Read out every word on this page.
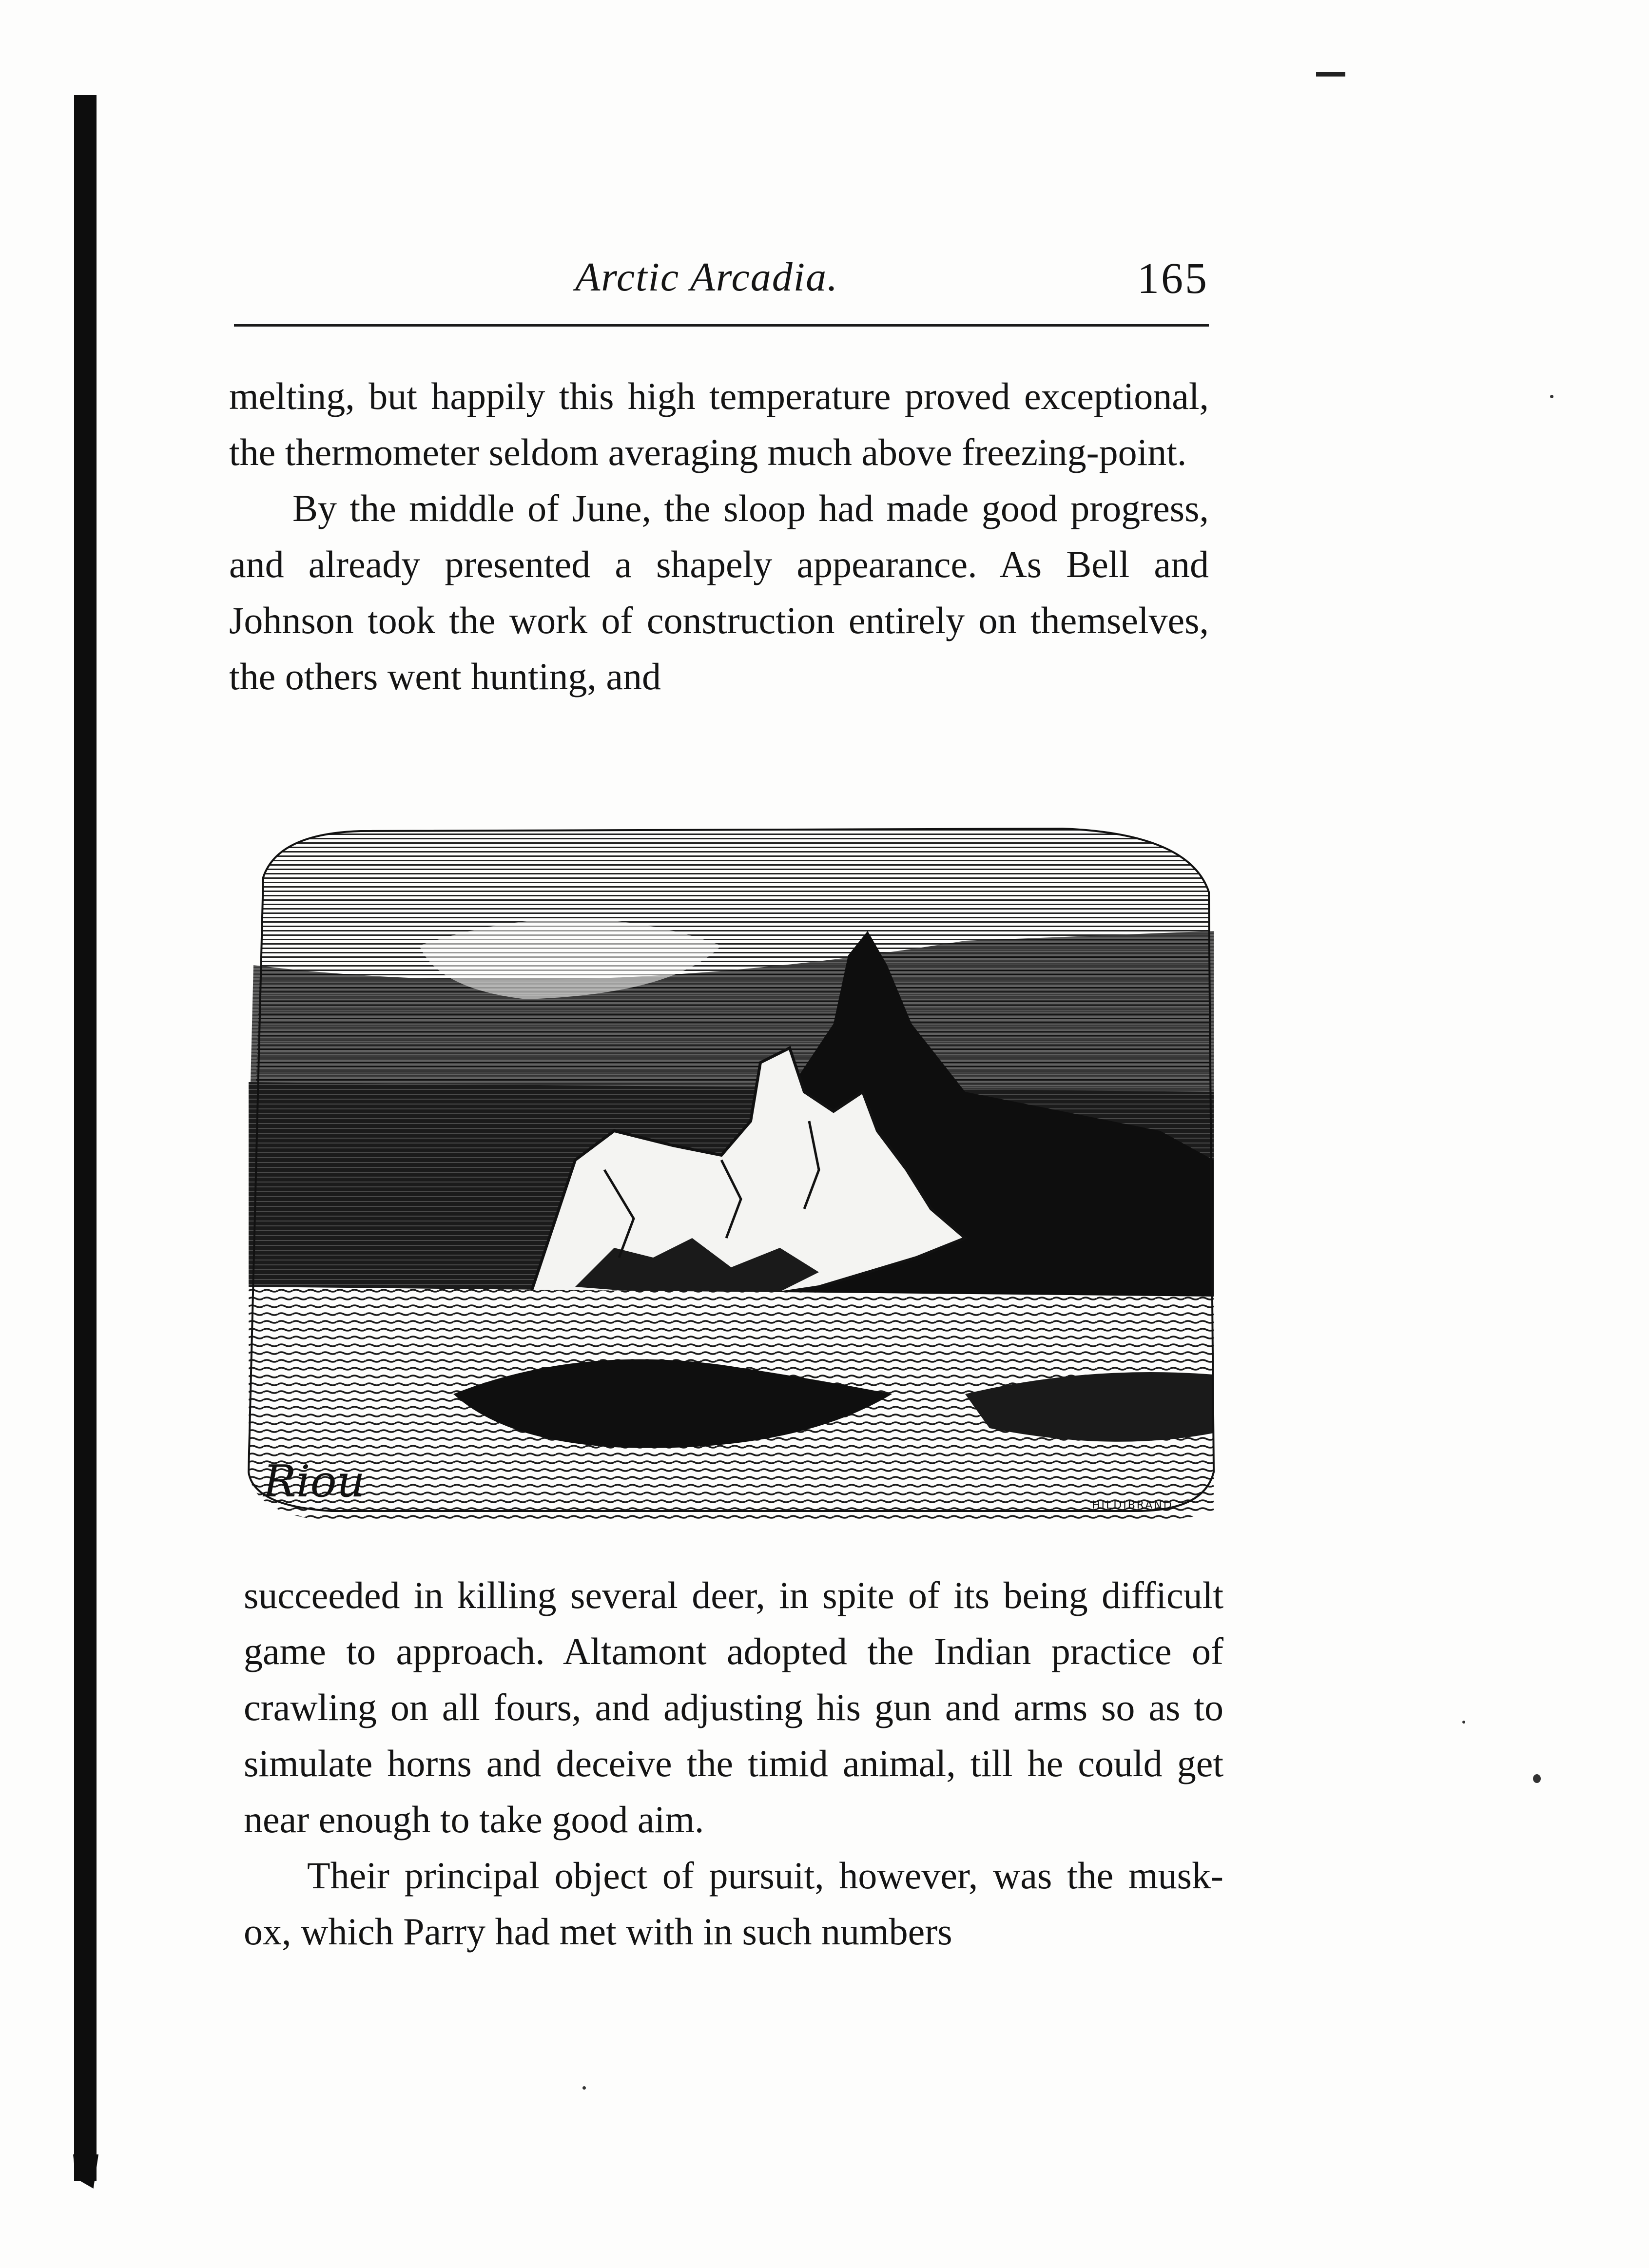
Arctic Arcadia.	165

melting, but happily this high temperature proved exceptional, the thermometer seldom averaging much above freezing-point.

By the middle of June, the sloop had made good progress, and already presented a shapely appearance. As Bell and Johnson took the work of construction entirely on themselves, the others went hunting, and

Riou	HILDIBRAND

succeeded in killing several deer, in spite of its being difficult game to approach. Altamont adopted the Indian practice of crawling on all fours, and adjusting his gun and arms so as to simulate horns and deceive the timid animal, till he could get near enough to take good aim.

Their principal object of pursuit, however, was the musk-ox, which Parry had met with in such numbers
